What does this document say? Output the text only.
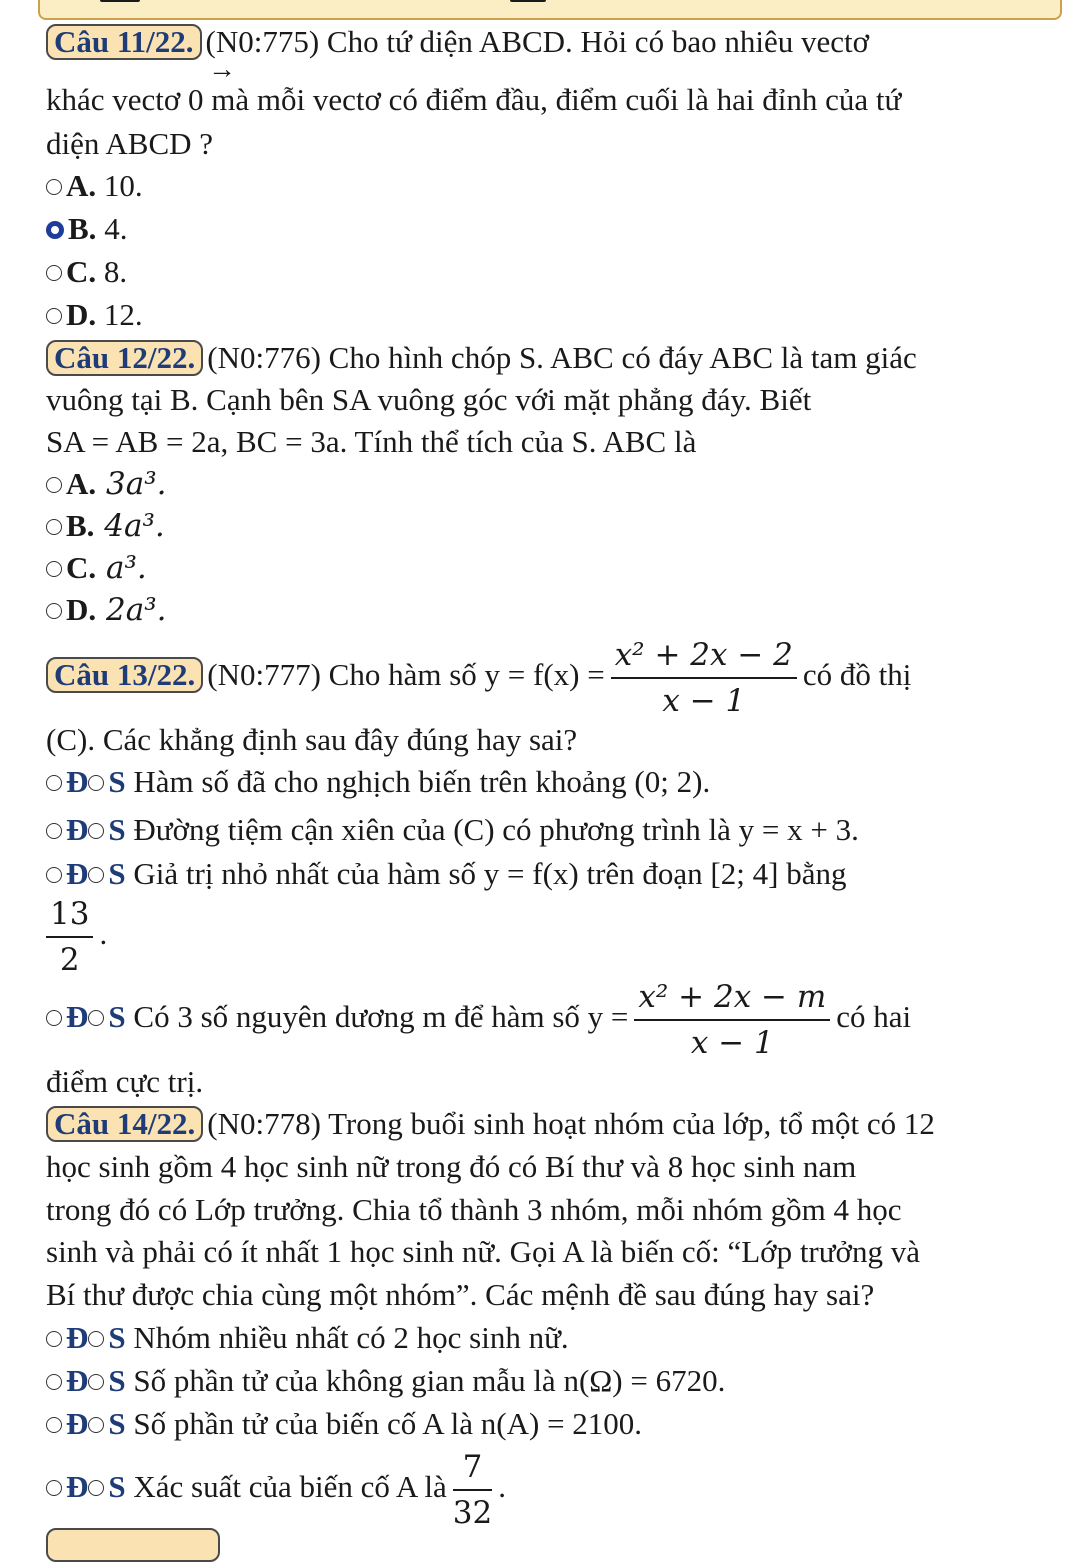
Câu 11/22. (N0:775) Cho tứ diện ABCD. Hỏi có bao nhiêu vectơ
→
khác vectơ 0 mà mỗi vectơ có điểm đầu, điểm cuối là hai đỉnh của tứ
diện ABCD ?
A. 10.
B. 4.
C. 8.
D. 12.
Câu 12/22. (N0:776) Cho hình chóp S. ABC có đáy ABC là tam giác
vuông tại B. Cạnh bên SA vuông góc với mặt phẳng đáy. Biết
SA = AB = 2a, BC = 3a. Tính thể tích của S. ABC là
A. 3a³.
B. 4a³.
C. a³.
D. 2a³.
Câu 13/22. (N0:777) Cho hàm số $y = f(x) = \frac{\text{x² + 2x − 2}}{x - 1}$ có đồ thị
(C). Các khẳng định sau đây đúng hay sai?
Đ S Hàm số đã cho nghịch biến trên khoảng (0; 2).
Đ S Đường tiệm cận xiên của (C) có phương trình là y = x + 3.
Đ S Giả trị nhỏ nhất của hàm số y = f(x) trên đoạn [2; 4] bằng
$\frac{13}{2}$ .
Đ S Có 3 số nguyên dương m để hàm số $y = \frac{\text{x² + 2x − m}}{x - 1}$ có hai
điểm cực trị.
Câu 14/22. (N0:778) Trong buổi sinh hoạt nhóm của lớp, tổ một có 12
học sinh gồm 4 học sinh nữ trong đó có Bí thư và 8 học sinh nam
trong đó có Lớp trưởng. Chia tổ thành 3 nhóm, mỗi nhóm gồm 4 học
sinh và phải có ít nhất 1 học sinh nữ. Gọi A là biến cố: “Lớp trưởng và
Bí thư được chia cùng một nhóm”. Các mệnh đề sau đúng hay sai?
Đ S Nhóm nhiều nhất có 2 học sinh nữ.
Đ S Số phần tử của không gian mẫu là n(Ω) = 6720.
Đ S Số phần tử của biến cố A là n(A) = 2100.
Đ S Xác suất của biến cố A là $\frac{7}{32}$ .
